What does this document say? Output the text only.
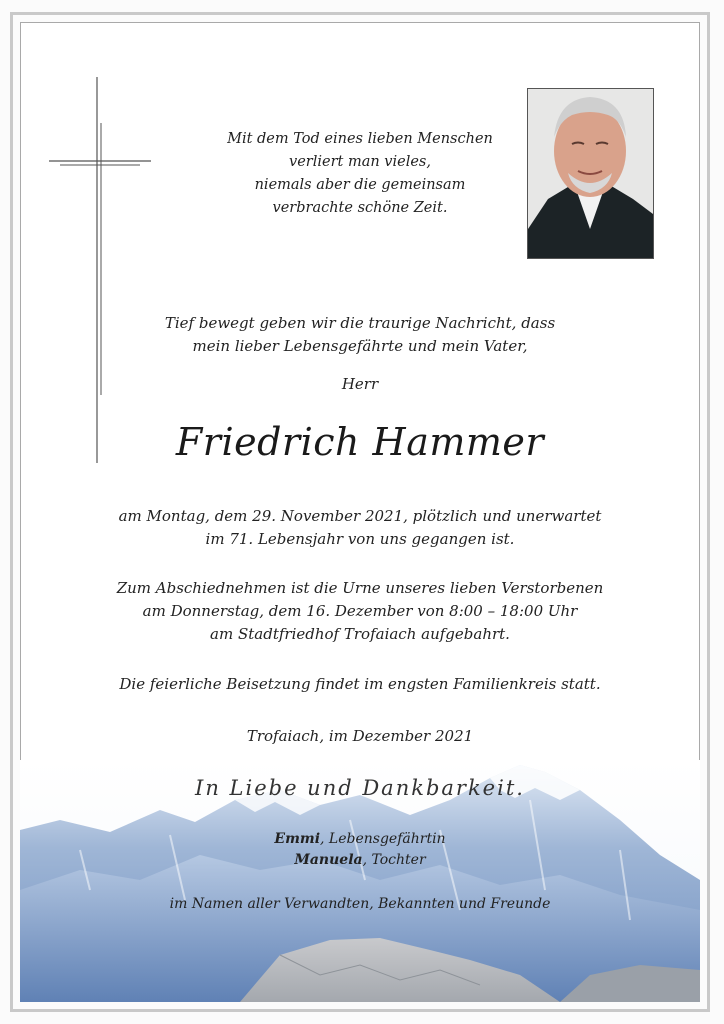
Mit dem Tod eines lieben Menschen
verliert man vieles,
niemals aber die gemeinsam
verbrachte schöne Zeit.
Tief bewegt geben wir die traurige Nachricht, dass
mein lieber Lebensgefährte und mein Vater,
Herr
Friedrich Hammer
am Montag, dem 29. November 2021, plötzlich und unerwartet
im 71. Lebensjahr von uns gegangen ist.
Zum Abschiednehmen ist die Urne unseres lieben Verstorbenen
am Donnerstag, dem 16. Dezember von 8:00 – 18:00 Uhr
am Stadtfriedhof Trofaiach aufgebahrt.
Die feierliche Beisetzung findet im engsten Familienkreis statt.
Trofaiach, im Dezember 2021
In Liebe und Dankbarkeit.
Emmi, Lebensgefährtin
Manuela, Tochter
im Namen aller Verwandten, Bekannten und Freunde
